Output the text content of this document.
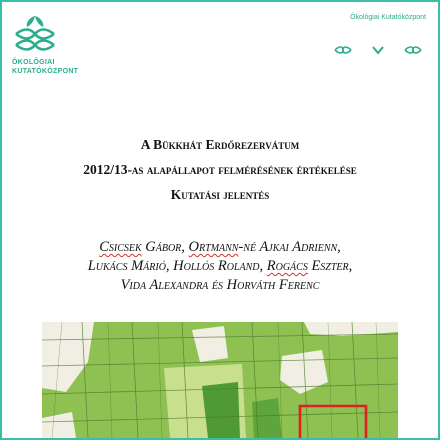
ÖKOLÓGIAI
KUTATÓKÖZPONT
Ökológiai Kutatóközpont
A Bükkhát Erdőrezervátum
2012/13-as alapállapot felmérésének értékelése
Kutatási jelentés
Csicsek Gábor, Ortmann-né Ajkai Adrienn,
Lukács Márió, Hollós Roland, Rogács Eszter,
Vida Alexandra és Horváth Ferenc
